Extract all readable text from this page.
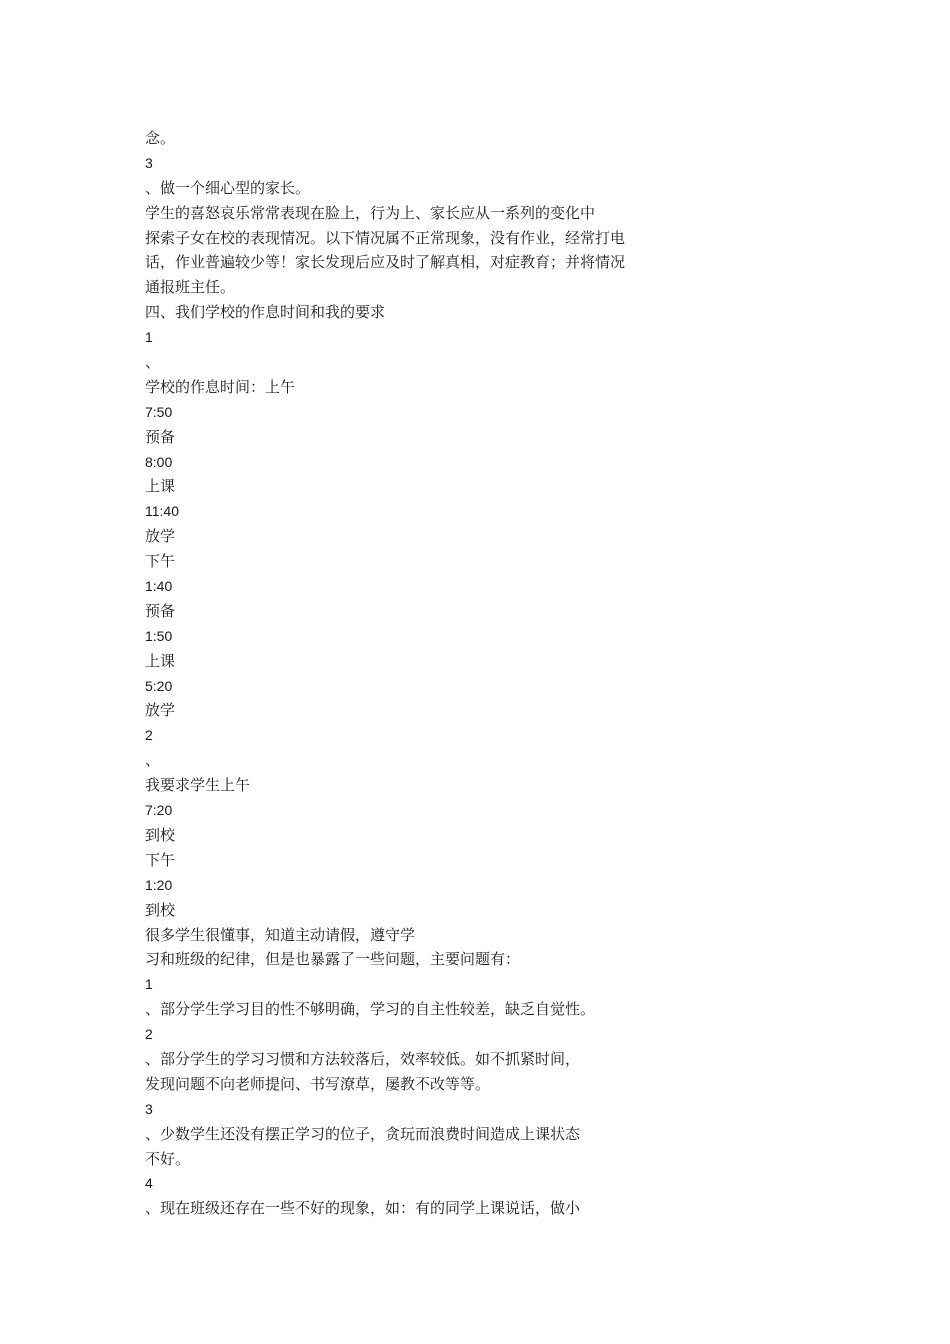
念。
3
、做一个细心型的家长。
学生的喜怒哀乐常常表现在脸上，行为上、家长应从一系列的变化中
探索子女在校的表现情况。以下情况属不正常现象，没有作业，经常打电
话，作业普遍较少等！家长发现后应及时了解真相，对症教育；并将情况
通报班主任。
四、我们学校的作息时间和我的要求
1
、
学校的作息时间：上午
7:50
预备
8:00
上课
11:40
放学
下午
1:40
预备
1:50
上课
5:20
放学
2
、
我要求学生上午
7:20
到校
下午
1:20
到校
很多学生很懂事，知道主动请假，遵守学
习和班级的纪律，但是也暴露了一些问题，主要问题有：
1
、部分学生学习目的性不够明确，学习的自主性较差，缺乏自觉性。
2
、部分学生的学习习惯和方法较落后，效率较低。如不抓紧时间，
发现问题不向老师提问、书写潦草，屡教不改等等。
3
、少数学生还没有摆正学习的位子，贪玩而浪费时间造成上课状态
不好。
4
、现在班级还存在一些不好的现象，如：有的同学上课说话，做小
